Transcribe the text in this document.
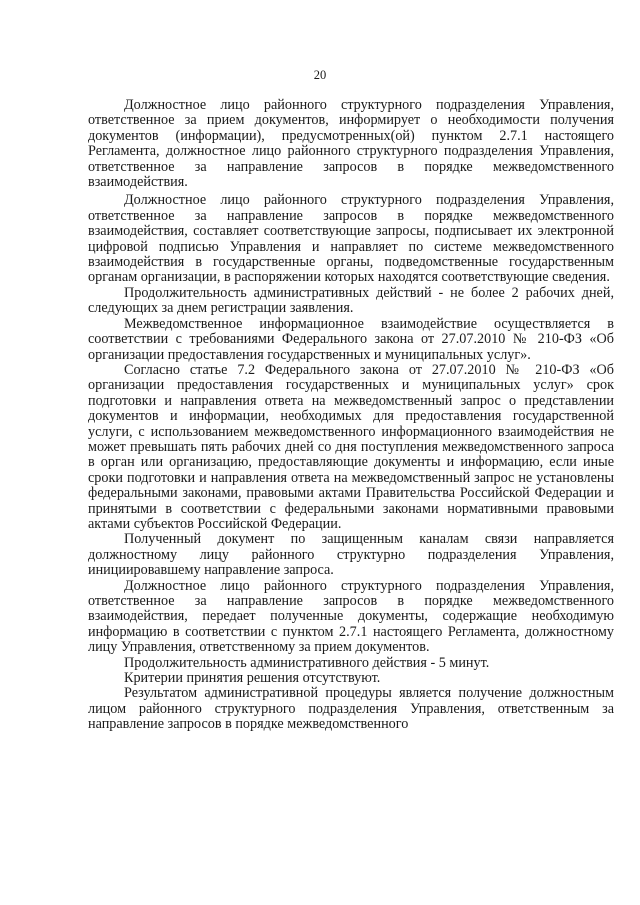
20

Должностное лицо районного структурного подразделения Управления, ответственное за прием документов, информирует о необходимости получения документов (информации), предусмотренных(ой) пунктом 2.7.1 настоящего Регламента, должностное лицо районного структурного подразделения Управления, ответственное за направление запросов в порядке межведомственного взаимодействия.

Должностное лицо районного структурного подразделения Управления, ответственное за направление запросов в порядке межведомственного взаимодействия, составляет соответствующие запросы, подписывает их электронной цифровой подписью Управления и направляет по системе межведомственного взаимодействия в государственные органы, подведомственные государственным органам организации, в распоряжении которых находятся соответствующие сведения.

Продолжительность административных действий - не более 2 рабочих дней, следующих за днем регистрации заявления.

Межведомственное информационное взаимодействие осуществляется в соответствии с требованиями Федерального закона от 27.07.2010 № 210-ФЗ «Об организации предоставления государственных и муниципальных услуг».

Согласно статье 7.2 Федерального закона от 27.07.2010 № 210-ФЗ «Об организации предоставления государственных и муниципальных услуг» срок подготовки и направления ответа на межведомственный запрос о представлении документов и информации, необходимых для предоставления государственной услуги, с использованием межведомственного информационного взаимодействия не может превышать пять рабочих дней со дня поступления межведомственного запроса в орган или организацию, предоставляющие документы и информацию, если иные сроки подготовки и направления ответа на межведомственный запрос не установлены федеральными законами, правовыми актами Правительства Российской Федерации и принятыми в соответствии с федеральными законами нормативными правовыми актами субъектов Российской Федерации.

Полученный документ по защищенным каналам связи направляется должностному лицу районного структурно подразделения Управления, инициировавшему направление запроса.

Должностное лицо районного структурного подразделения Управления, ответственное за направление запросов в порядке межведомственного взаимодействия, передает полученные документы, содержащие необходимую информацию в соответствии с пунктом 2.7.1 настоящего Регламента, должностному лицу Управления, ответственному за прием документов.

Продолжительность административного действия - 5 минут.

Критерии принятия решения отсутствуют.

Результатом административной процедуры является получение должностным лицом районного структурного подразделения Управления, ответственным за направление запросов в порядке межведомственного
